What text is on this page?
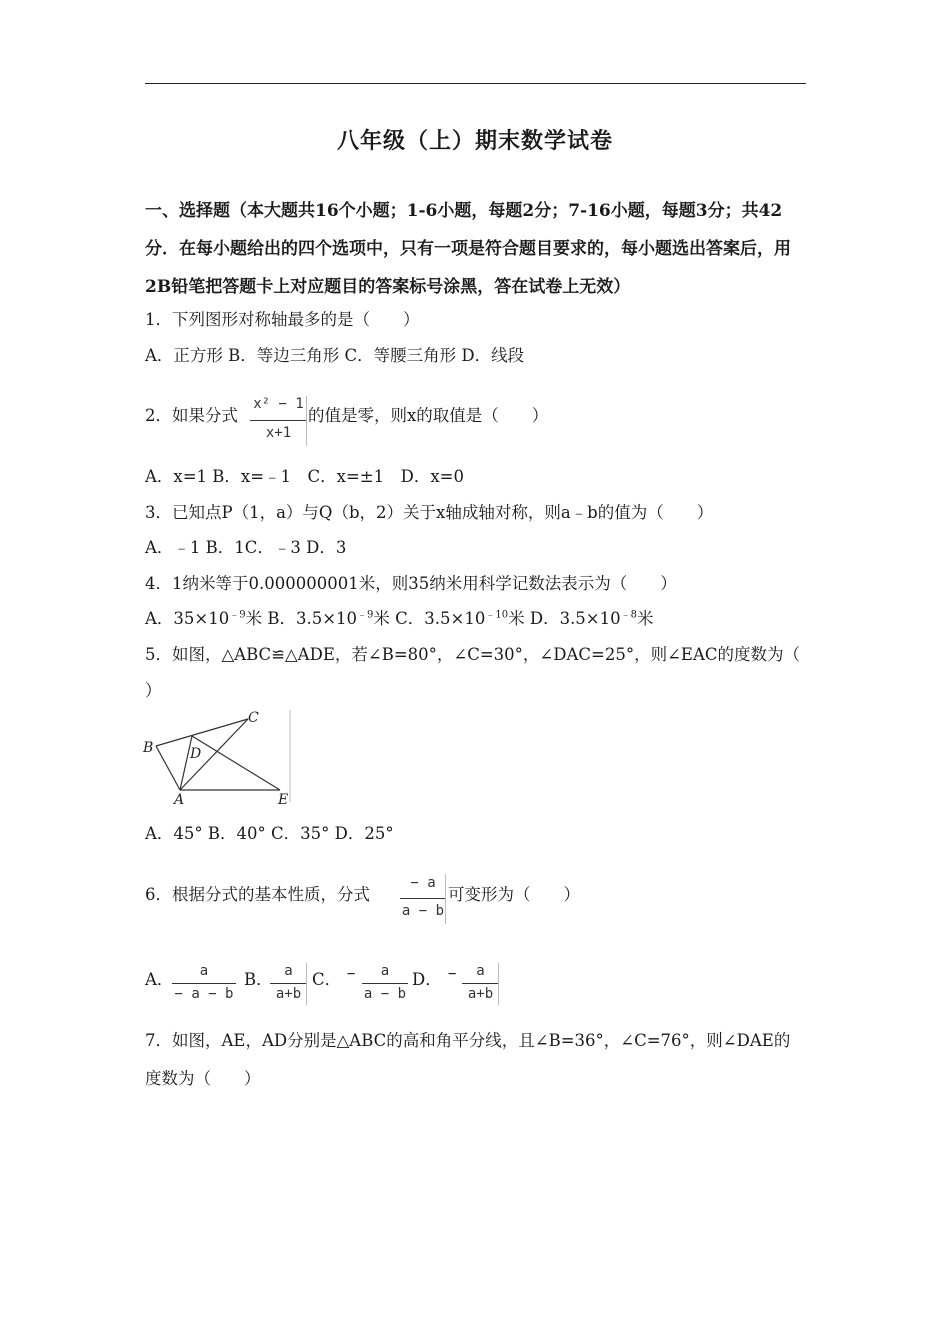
八年级（上）期末数学试卷
一、选择题（本大题共16个小题；1-6小题，每题2分；7-16小题，每题3分；共42分．在每小题给出的四个选项中，只有一项是符合题目要求的，每小题选出答案后，用2B铅笔把答题卡上对应题目的答案标号涂黑，答在试卷上无效）
1．下列图形对称轴最多的是（　　）
A．正方形 B．等边三角形 C．等腰三角形 D．线段
2．如果分式
x² − 1
x+1
的值是零，则x的取值是（　　）
A．x=1 B．x=﹣1　C．x=±1　D．x=0
3．已知点P（1，a）与Q（b，2）关于x轴成轴对称，则a﹣b的值为（　　）
A．﹣1 B．1C．﹣3 D．3
4．1纳米等于0.000000001米，则35纳米用科学记数法表示为（　　）
A．$35\times 10^{﹣9}$米 B．$3.5\times 10^{﹣9}$米 C．$3.5\times 10^{﹣10}$米 D．$3.5\times 10^{﹣8}$米
5．如图，△ABC≌△ADE，若∠B=80°，∠C=30°，∠DAC=25°，则∠EAC的度数为（
）
B
C
D
A	E
A．45° B．40° C．35° D．25°
6．根据分式的基本性质，分式
− a
a − b
可变形为（　　）
A．	a
− a − b
B． a
a+b
C． −	a
a − b
D． −	a
a+b
7．如图，AE，AD分别是△ABC的高和角平分线，且∠B=36°，∠C=76°，则∠DAE的
度数为（　　）
